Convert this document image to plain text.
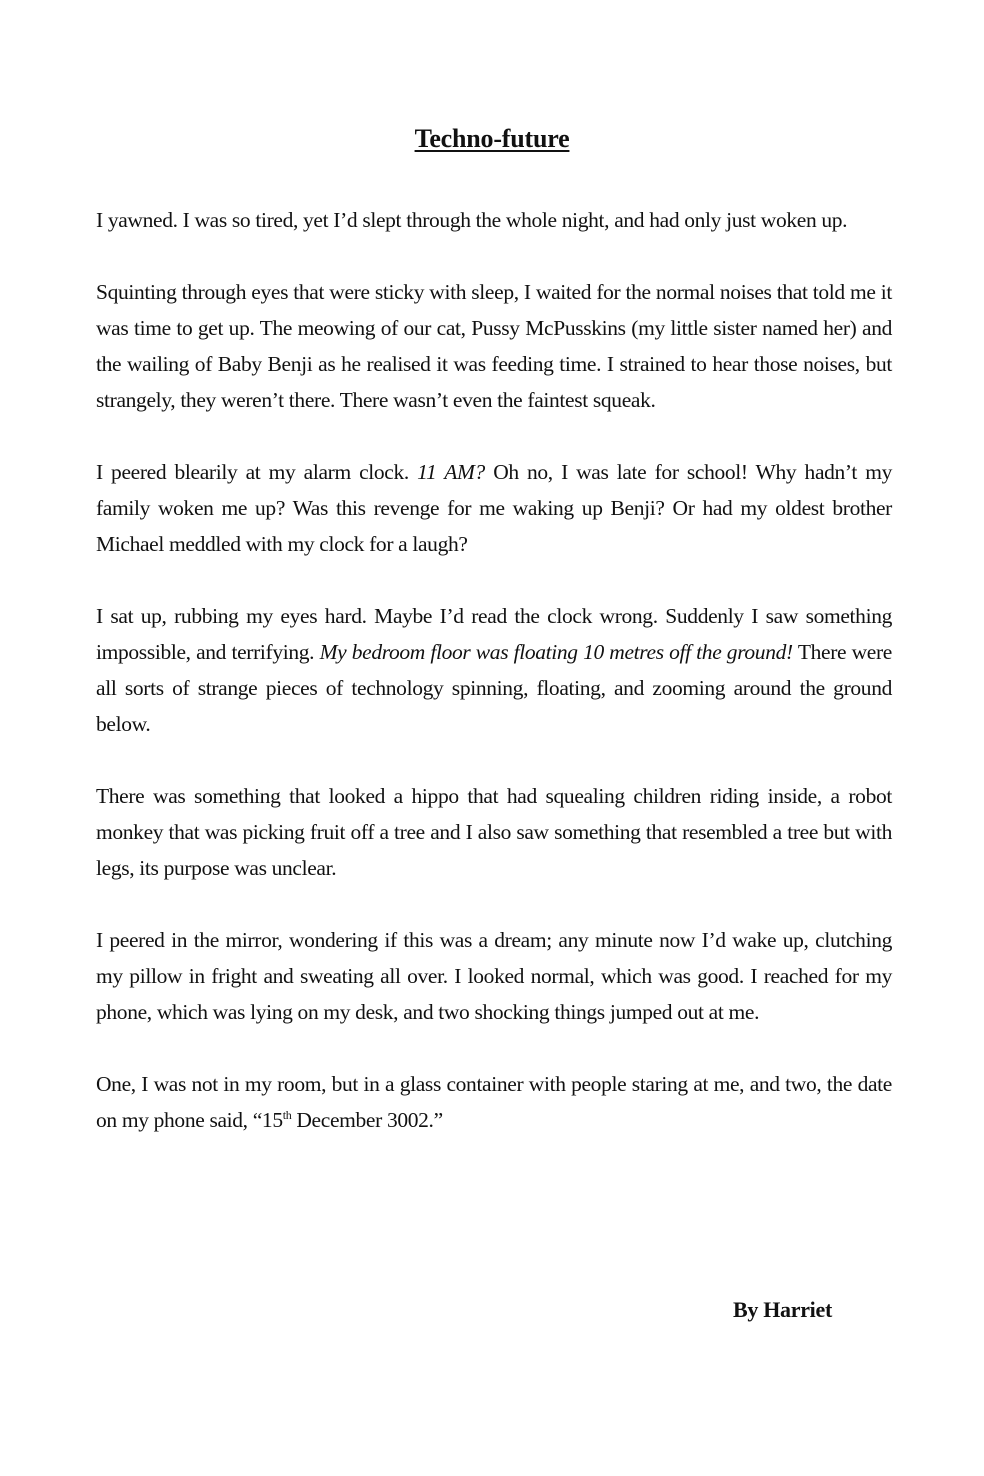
Techno-future

I yawned. I was so tired, yet I’d slept through the whole night, and had only just woken up.

Squinting through eyes that were sticky with sleep, I waited for the normal noises that told me it was time to get up. The meowing of our cat, Pussy McPusskins (my little sister named her) and the wailing of Baby Benji as he realised it was feeding time. I strained to hear those noises, but strangely, they weren’t there. There wasn’t even the faintest squeak.

I peered blearily at my alarm clock. 11 AM? Oh no, I was late for school! Why hadn’t my family woken me up? Was this revenge for me waking up Benji? Or had my oldest brother Michael meddled with my clock for a laugh?

I sat up, rubbing my eyes hard. Maybe I’d read the clock wrong. Suddenly I saw something impossible, and terrifying. My bedroom floor was floating 10 metres off the ground! There were all sorts of strange pieces of technology spinning, floating, and zooming around the ground below.

There was something that looked a hippo that had squealing children riding inside, a robot monkey that was picking fruit off a tree and I also saw something that resembled a tree but with legs, its purpose was unclear.

I peered in the mirror, wondering if this was a dream; any minute now I’d wake up, clutching my pillow in fright and sweating all over. I looked normal, which was good. I reached for my phone, which was lying on my desk, and two shocking things jumped out at me.

One, I was not in my room, but in a glass container with people staring at me, and two, the date on my phone said, “15th December 3002.”

By Harriet
